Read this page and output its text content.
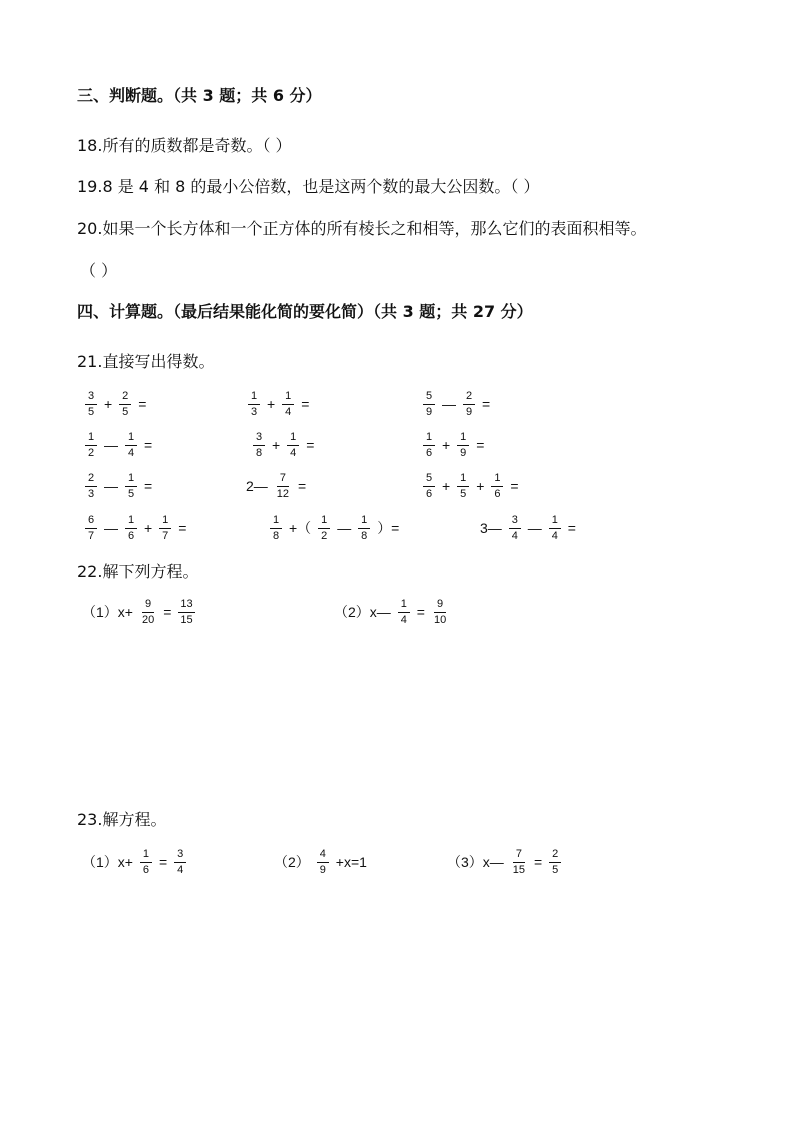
三、判断题。（共 3 题；共 6 分）
18.所有的质数都是奇数。（ ）
19.8 是 4 和 8 的最小公倍数，也是这两个数的最大公因数。（ ）
20.如果一个长方体和一个正方体的所有棱长之和相等，那么它们的表面积相等。
（ ）
四、计算题。（最后结果能化简的要化简）（共 3 题；共 27 分）
21.直接写出得数。
$\frac{3}{5} + \frac{2}{5}$ =	$\frac{1}{3} + \frac{1}{4}$ =	$\frac{5}{9}$ — $\frac{2}{9}$ =
$\frac{1}{2}$ — $\frac{1}{4}$ =	$\frac{3}{8} + \frac{1}{4}$ =	$\frac{1}{6} + \frac{1}{9}$ =
$\frac{2}{3}$ — $\frac{1}{5}$ =	2— $\frac{7}{12}$ =	$\frac{5}{6} + \frac{1}{5} + \frac{1}{6}$ =
$\frac{6}{7}$ — $\frac{1}{6} + \frac{1}{7}$ =	$\frac{1}{8}$ +（ $\frac{1}{2}$ — $\frac{1}{8}$ ）=	3— $\frac{3}{4}$ — $\frac{1}{4}$ =
22.解下列方程。
$(1)x+ \frac{9}{20} = \frac{13}{15}$	（2）x— $\frac{1}{4} = \frac{9}{10}$
23.解方程。
$(1)x+ \frac{1}{6} = \frac{3}{4}$	$(2) \frac{4}{9} +x=1$	（3）x— $\frac{7}{15} = \frac{2}{5}$
